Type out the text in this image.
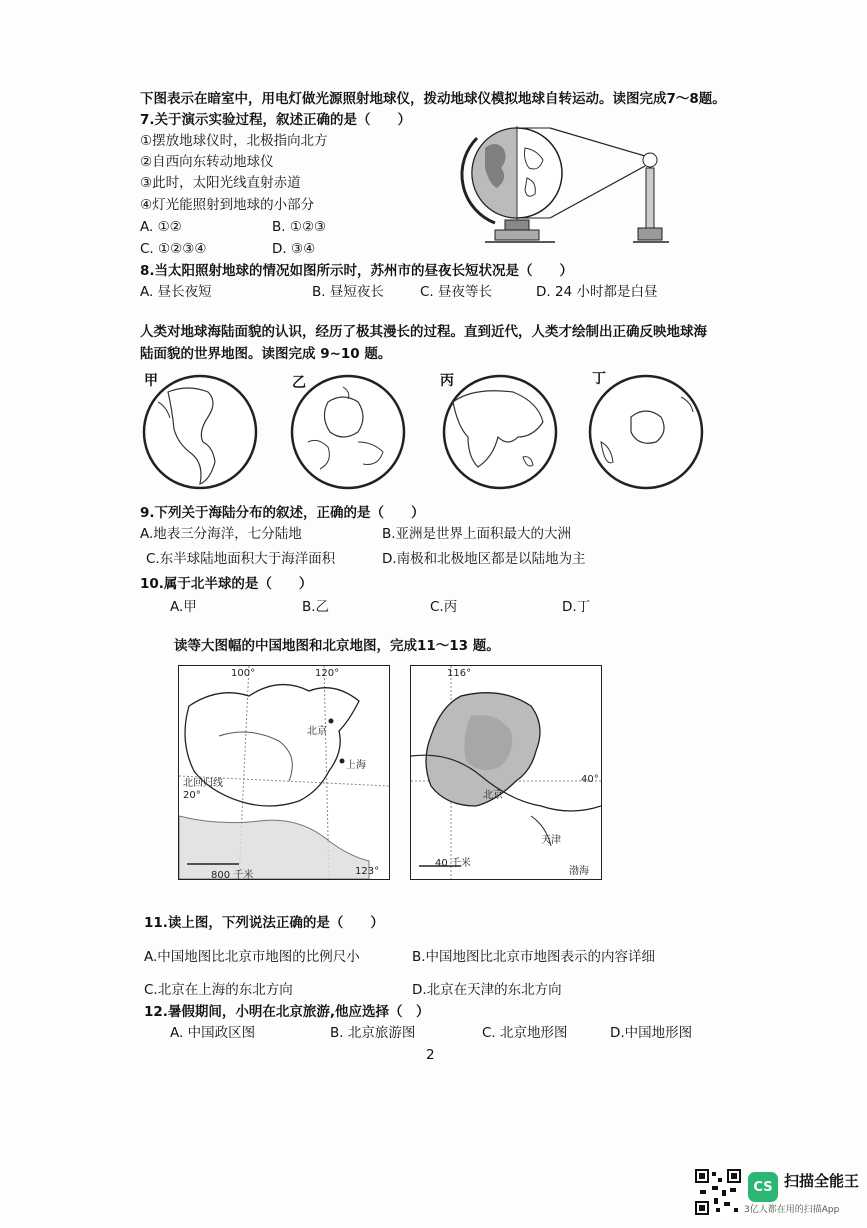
下图表示在暗室中，用电灯做光源照射地球仪，拨动地球仪模拟地球自转运动。读图完成7～8题。
7.关于演示实验过程，叙述正确的是（　　）
①摆放地球仪时，北极指向北方
②自西向东转动地球仪
③此时，太阳光线直射赤道
④灯光能照射到地球的小部分
A. ①②	B. ①②③
C. ①②③④	D. ③④
8.当太阳照射地球的情况如图所示时，苏州市的昼夜长短状况是（　　）
A. 昼长夜短	B. 昼短夜长	C. 昼夜等长	D. 24 小时都是白昼
人类对地球海陆面貌的认识，经历了极其漫长的过程。直到近代，人类才绘制出正确反映地球海
陆面貌的世界地图。读图完成 9~10 题。
甲	乙	丙	丁
9.下列关于海陆分布的叙述，正确的是（　　）
A.地表三分海洋，七分陆地	B.亚洲是世界上面积最大的大洲
C.东半球陆地面积大于海洋面积	D.南极和北极地区都是以陆地为主
10.属于北半球的是（　　）
A.甲	B.乙	C.丙	D.丁
读等大图幅的中国地图和北京地图，完成11～13 题。
100°	120°
北京
上海
北回归线
20°
800 千米	123°
116°
40°
北京
天津
40 千米
渤海
11.读上图，下列说法正确的是（　　）
A.中国地图比北京市地图的比例尺小	B.中国地图比北京市地图表示的内容详细
C.北京在上海的东北方向	D.北京在天津的东北方向
12.暑假期间，小明在北京旅游,他应选择（　）
A. 中国政区图	B. 北京旅游图	C. 北京地形图	D.中国地形图
2
CS 扫描全能王
3亿人都在用的扫描App
